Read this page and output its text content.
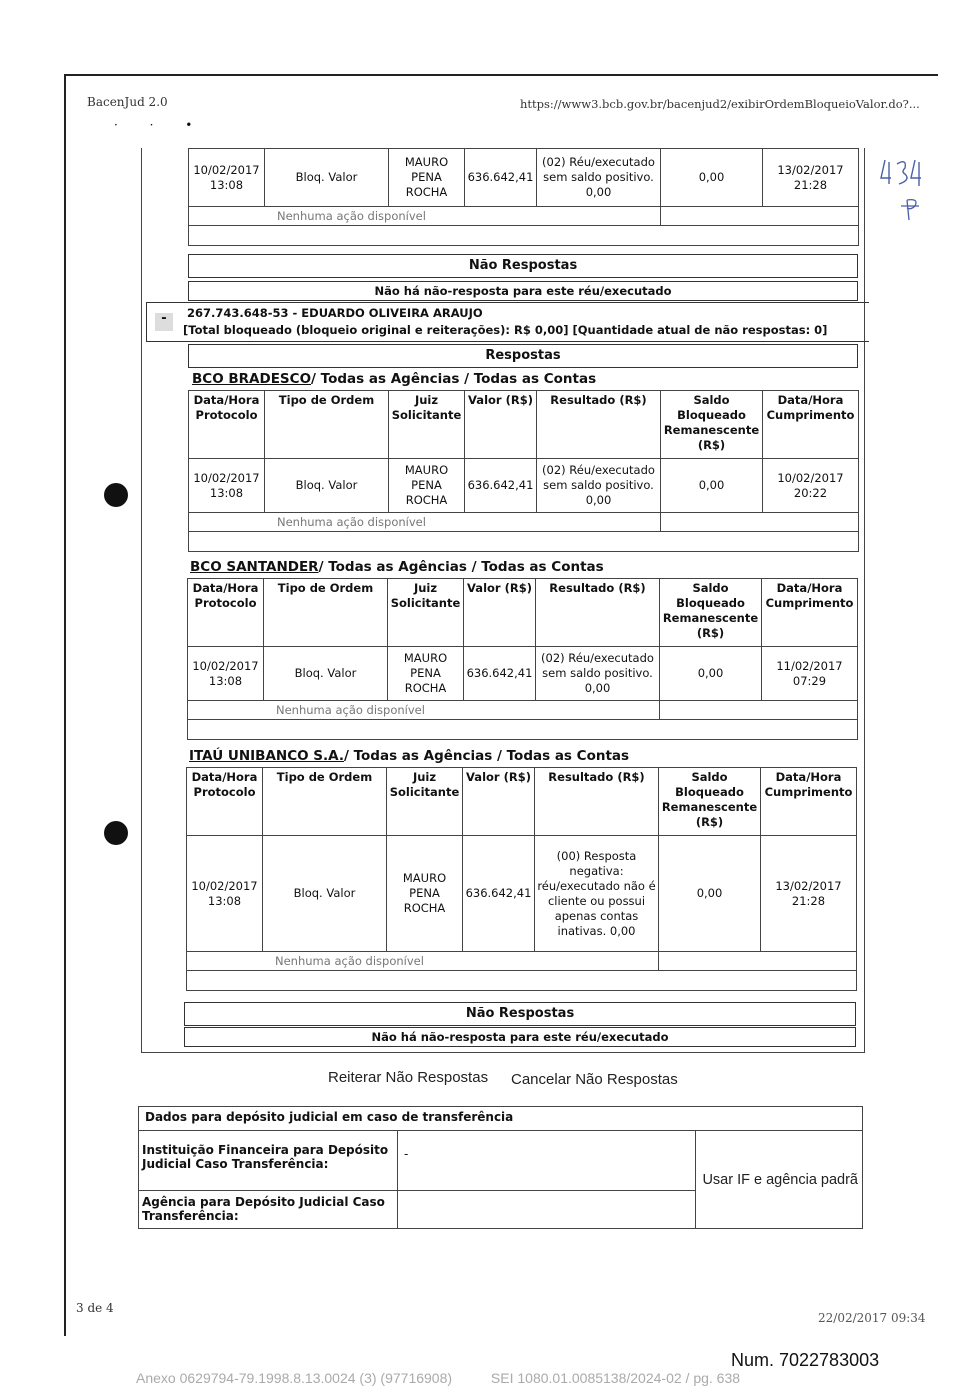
BacenJud 2.0	https://www3.bcb.gov.br/bacenjud2/exibirOrdemBloqueioValor.do?...
· · •
10/02/2017 13:08	Bloq. Valor	MAURO PENA ROCHA	636.642,41	(02) Réu/executado sem saldo positivo. 0,00	0,00	13/02/2017 21:28
Nenhuma ação disponível						

Não Respostas
Não há não-resposta para este réu/executado
-	267.743.648-53 - EDUARDO OLIVEIRA ARAUJO
[Total bloqueado (bloqueio original e reiterações): R$ 0,00] [Quantidade atual de não respostas: 0]
Respostas
BCO BRADESCO/ Todas as Agências / Todas as Contas
Data/Hora Protocolo	Tipo de Ordem	Juiz Solicitante	Valor (R$)	Resultado (R$)	Saldo Bloqueado Remanescente (R$)	Data/Hora Cumprimento
10/02/2017 13:08	Bloq. Valor	MAURO PENA ROCHA	636.642,41	(02) Réu/executado sem saldo positivo. 0,00	0,00	10/02/2017 20:22
Nenhuma ação disponível						

BCO SANTANDER/ Todas as Agências / Todas as Contas
Data/Hora Protocolo	Tipo de Ordem	Juiz Solicitante	Valor (R$)	Resultado (R$)	Saldo Bloqueado Remanescente (R$)	Data/Hora Cumprimento
10/02/2017 13:08	Bloq. Valor	MAURO PENA ROCHA	636.642,41	(02) Réu/executado sem saldo positivo. 0,00	0,00	11/02/2017 07:29
Nenhuma ação disponível						

ITAÚ UNIBANCO S.A./ Todas as Agências / Todas as Contas
Data/Hora Protocolo	Tipo de Ordem	Juiz Solicitante	Valor (R$)	Resultado (R$)	Saldo Bloqueado Remanescente (R$)	Data/Hora Cumprimento
10/02/2017 13:08	Bloq. Valor	MAURO PENA ROCHA	636.642,41	(00) Resposta negativa: réu/executado não é cliente ou possui apenas contas inativas. 0,00	0,00	13/02/2017 21:28
Nenhuma ação disponível						

Não Respostas
Não há não-resposta para este réu/executado
Reiterar Não Respostas Cancelar Não Respostas
Dados para depósito judicial em caso de transferência		
Instituição Financeira para Depósito Judicial Caso Transferência:	-	Usar IF e agência padrã
Agência para Depósito Judicial Caso Transferência:		
3 de 4
22/02/2017 09:34
Num. 7022783003
Anexo 0629794-79.1998.8.13.0024 (3) (97716908)          SEI 1080.01.0085138/2024-02 / pg. 638
